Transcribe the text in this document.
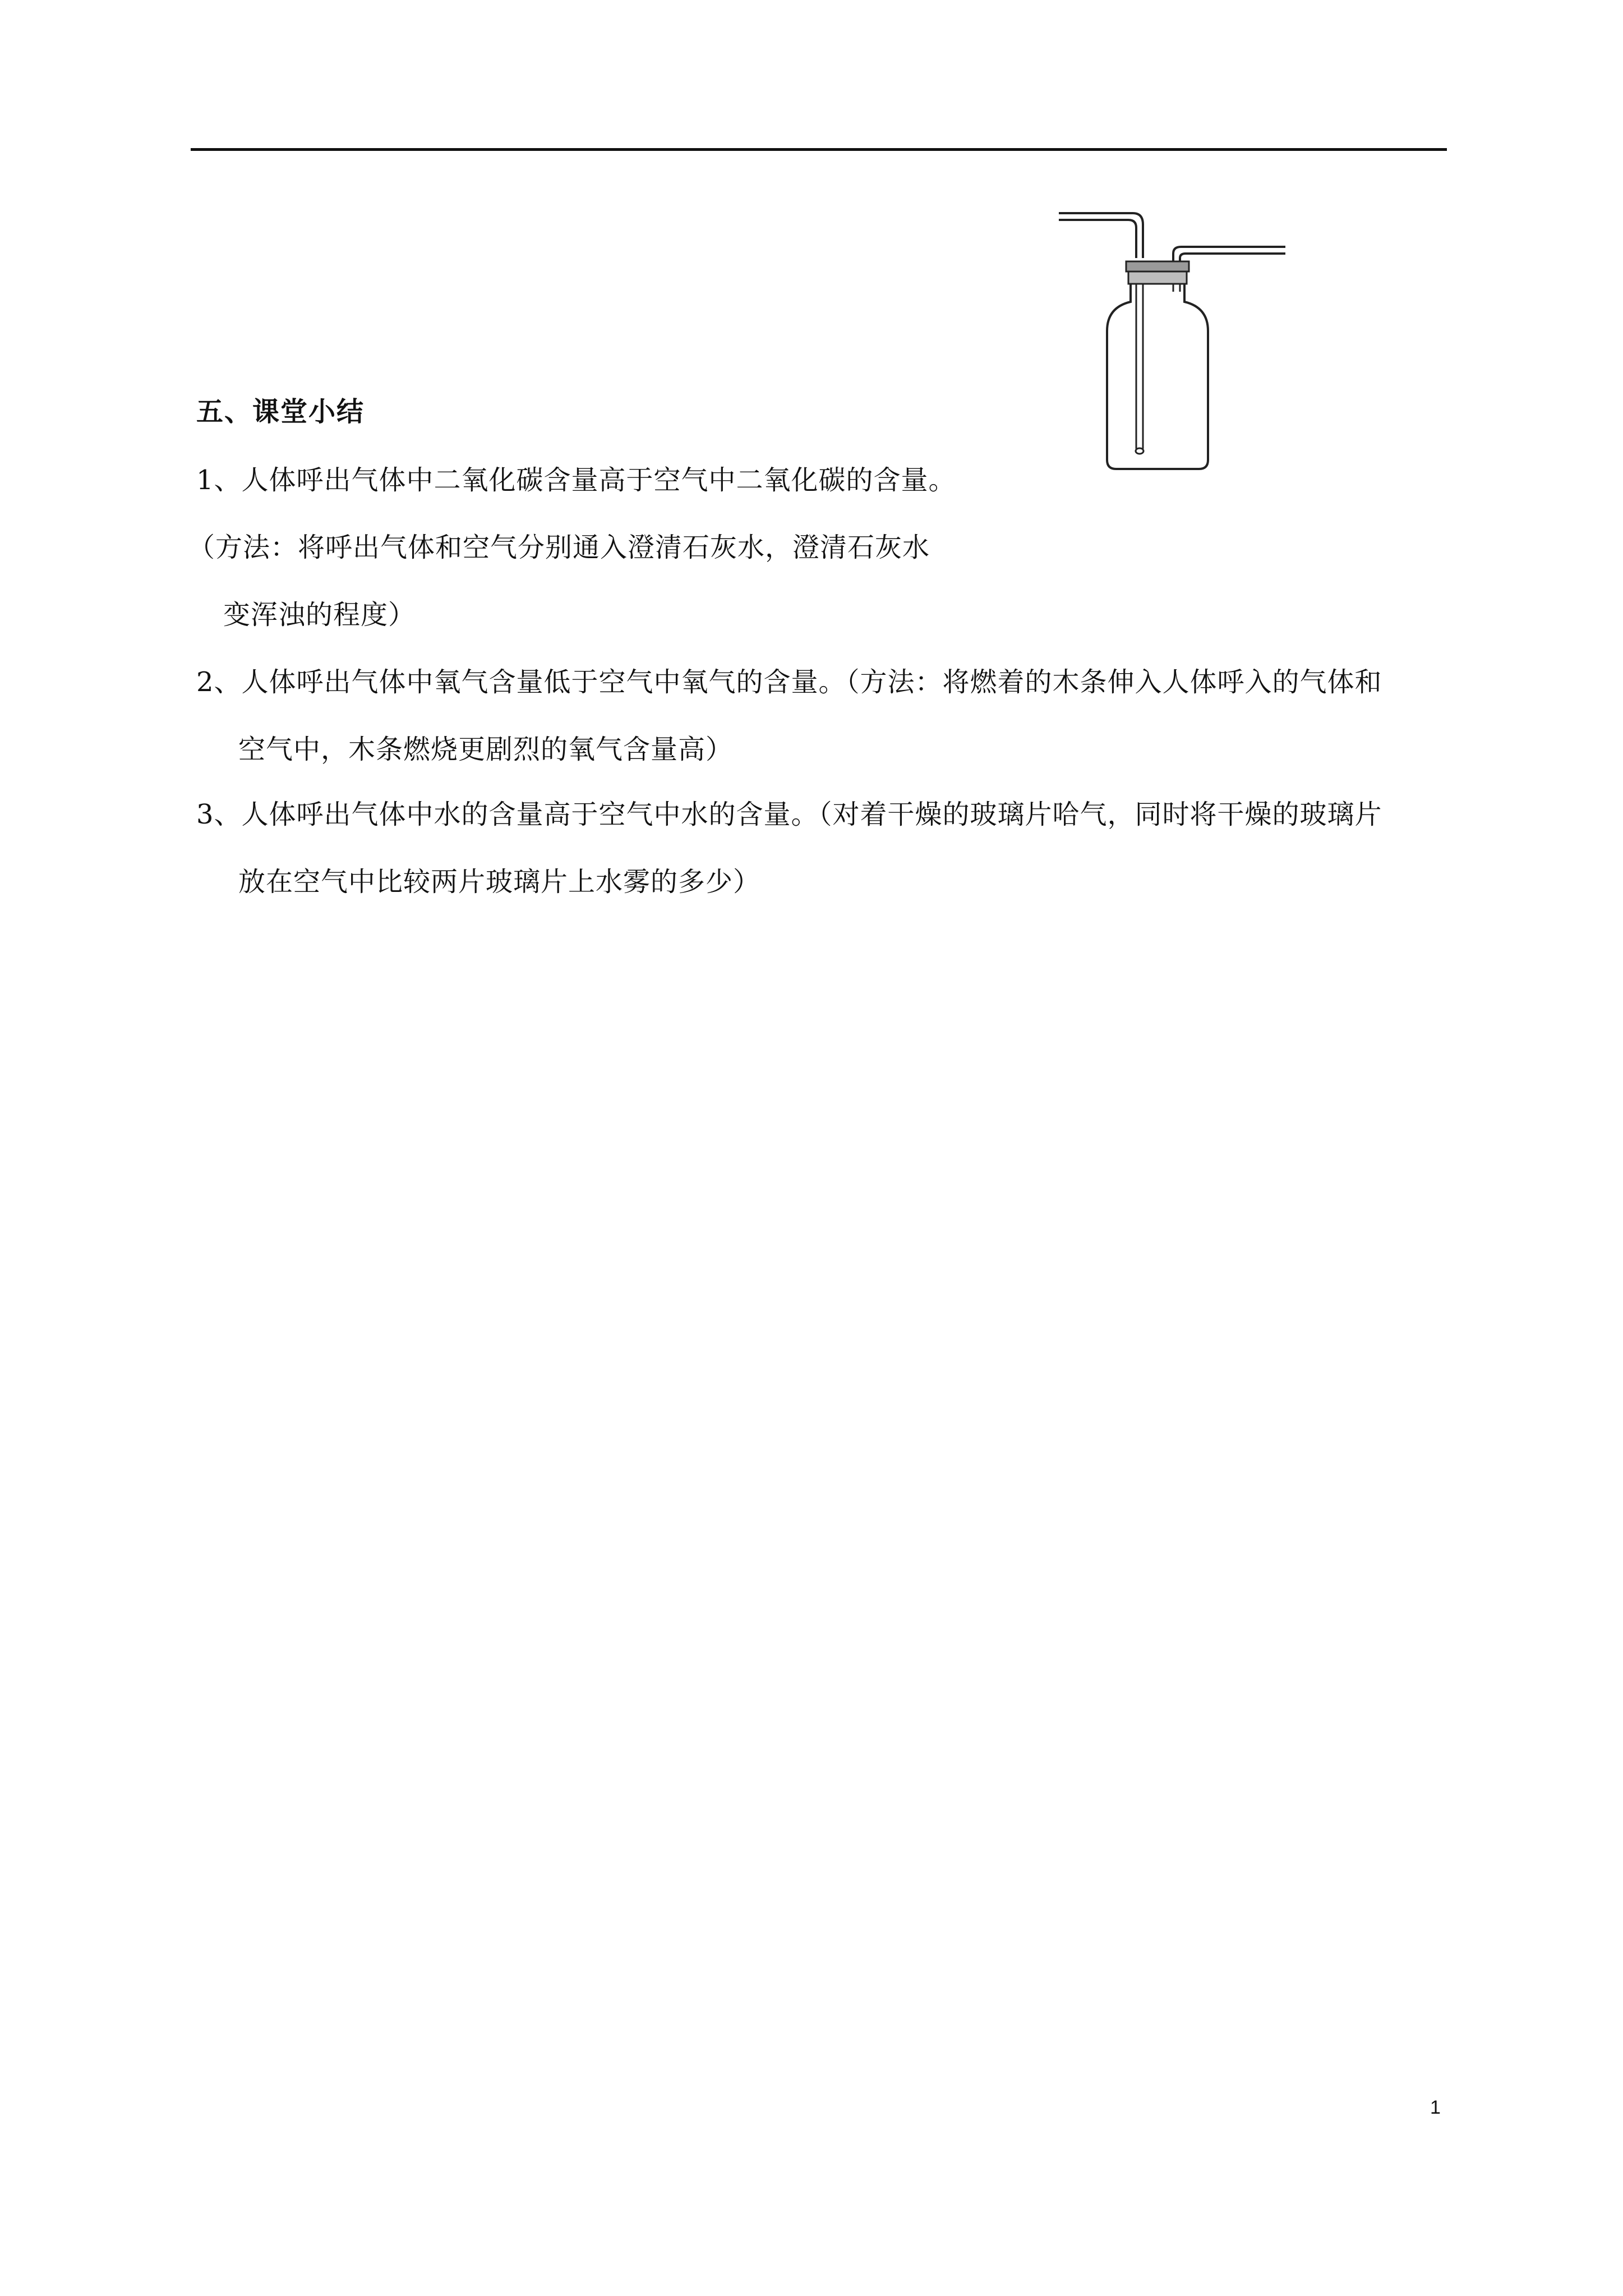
五、课堂小结
1、人体呼出气体中二氧化碳含量高于空气中二氧化碳的含量。
（方法：将呼出气体和空气分别通入澄清石灰水，澄清石灰水
变浑浊的程度）
2、人体呼出气体中氧气含量低于空气中氧气的含量。（方法：将燃着的木条伸入人体呼入的气体和
空气中，木条燃烧更剧烈的氧气含量高）
3、人体呼出气体中水的含量高于空气中水的含量。（对着干燥的玻璃片哈气，同时将干燥的玻璃片
放在空气中比较两片玻璃片上水雾的多少）
1
